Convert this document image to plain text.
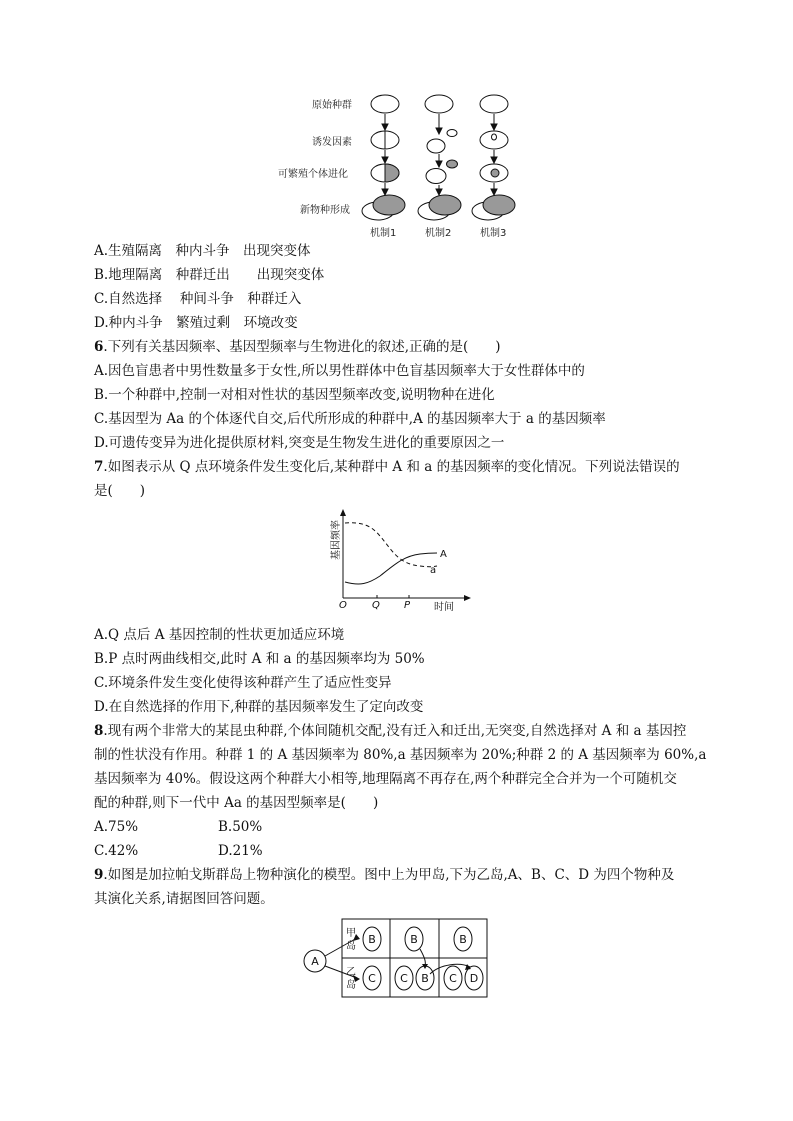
原始种群
诱发因素
可繁殖个体进化
新物种形成
机制1	机制2	机制3
A.生殖隔离　种内斗争　出现突变体
B.地理隔离　种群迁出　　出现突变体
C.自然选择　 种间斗争　种群迁入
D.种内斗争　繁殖过剩　环境改变
6.下列有关基因频率、基因型频率与生物进化的叙述,正确的是(　　)
A.因色盲患者中男性数量多于女性,所以男性群体中色盲基因频率大于女性群体中的
B.一个种群中,控制一对相对性状的基因型频率改变,说明物种在进化
C.基因型为 Aa 的个体逐代自交,后代所形成的种群中,A 的基因频率大于 a 的基因频率
D.可遗传变异为进化提供原材料,突变是生物发生进化的重要原因之一
7.如图表示从 Q 点环境条件发生变化后,某种群中 A 和 a 的基因频率的变化情况。下列说法错误的
是(　　)
基因频率
O	Q P 时间
A
a
A.Q 点后 A 基因控制的性状更加适应环境
B.P 点时两曲线相交,此时 A 和 a 的基因频率均为 50%
C.环境条件发生变化使得该种群产生了适应性变异
D.在自然选择的作用下,种群的基因频率发生了定向改变
8.现有两个非常大的某昆虫种群,个体间随机交配,没有迁入和迁出,无突变,自然选择对 A 和 a 基因控
制的性状没有作用。种群 1 的 A 基因频率为 80%,a 基因频率为 20%;种群 2 的 A 基因频率为 60%,a
基因频率为 40%。假设这两个种群大小相等,地理隔离不再存在,两个种群完全合并为一个可随机交
配的种群,则下一代中 Aa 的基因型频率是(　　)
A.75%	B.50%
C.42%	D.21%
9.如图是加拉帕戈斯群岛上物种演化的模型。图中上为甲岛,下为乙岛,A、B、C、D 为四个物种及
其演化关系,请据图回答问题。
A
B
C
B
C B
B
C D
甲岛
乙岛
